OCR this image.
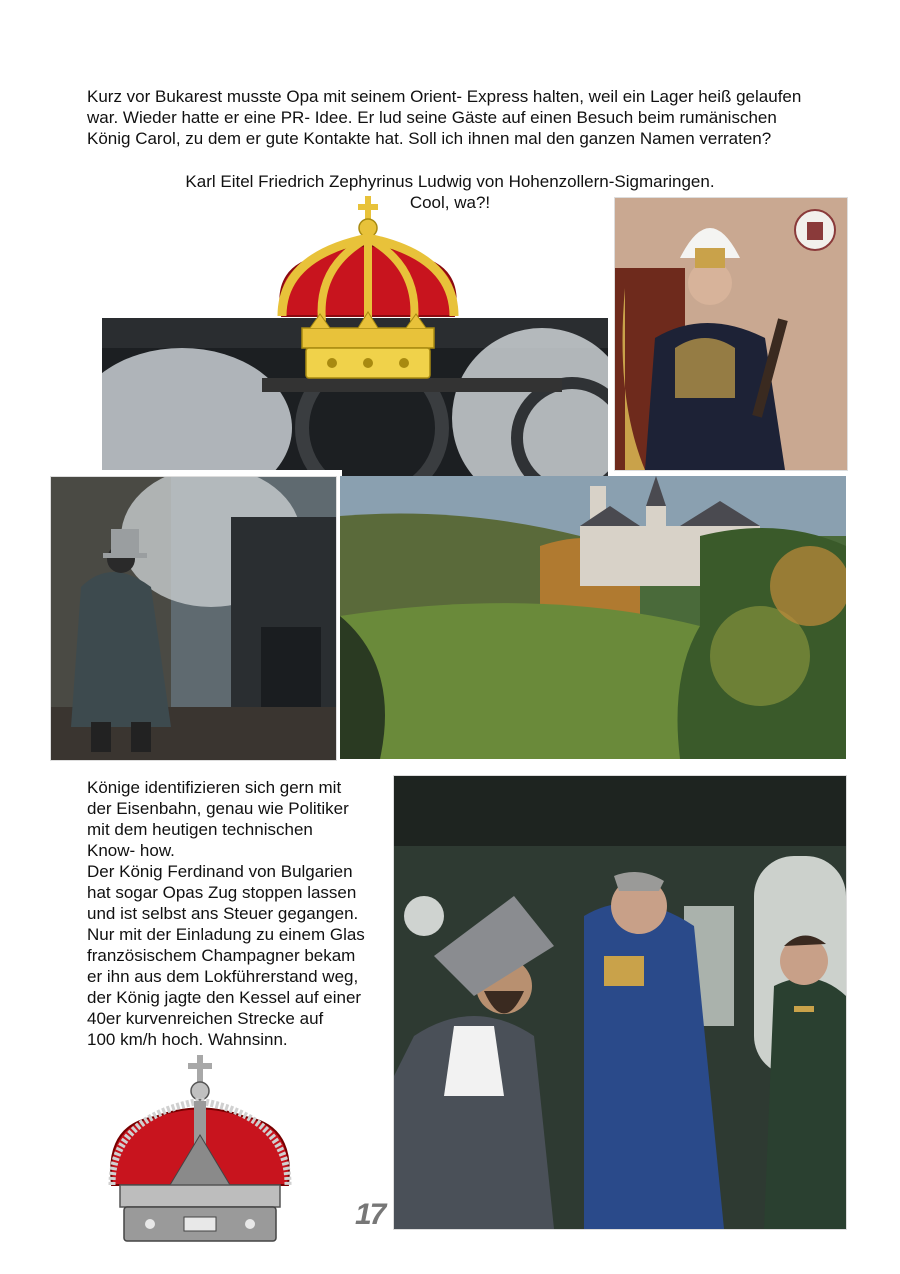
Kurz vor Bukarest musste Opa mit seinem Orient- Express halten, weil ein Lager heiß gelaufen war. Wieder hatte er eine PR- Idee. Er lud seine Gäste auf einen Besuch beim rumänischen König Carol, zu dem er gute Kontakte hat. Soll ich ihnen mal den ganzen Namen verraten?

Karl Eitel Friedrich Zephyrinus Ludwig von Hohenzollern-Sigmaringen.
Cool, wa?!

Könige identifizieren sich gern mit

der Eisenbahn, genau wie Politiker

mit dem heutigen technischen

Know- how.

Der König Ferdinand von Bulgarien

hat sogar Opas Zug stoppen lassen

und ist selbst ans Steuer gegangen.

Nur mit der Einladung zu einem Glas

französischem Champagner bekam

er ihn aus dem Lokführerstand weg,

der König jagte den Kessel auf einer

40er kurvenreichen Strecke auf

100 km/h hoch. Wahnsinn.

17
